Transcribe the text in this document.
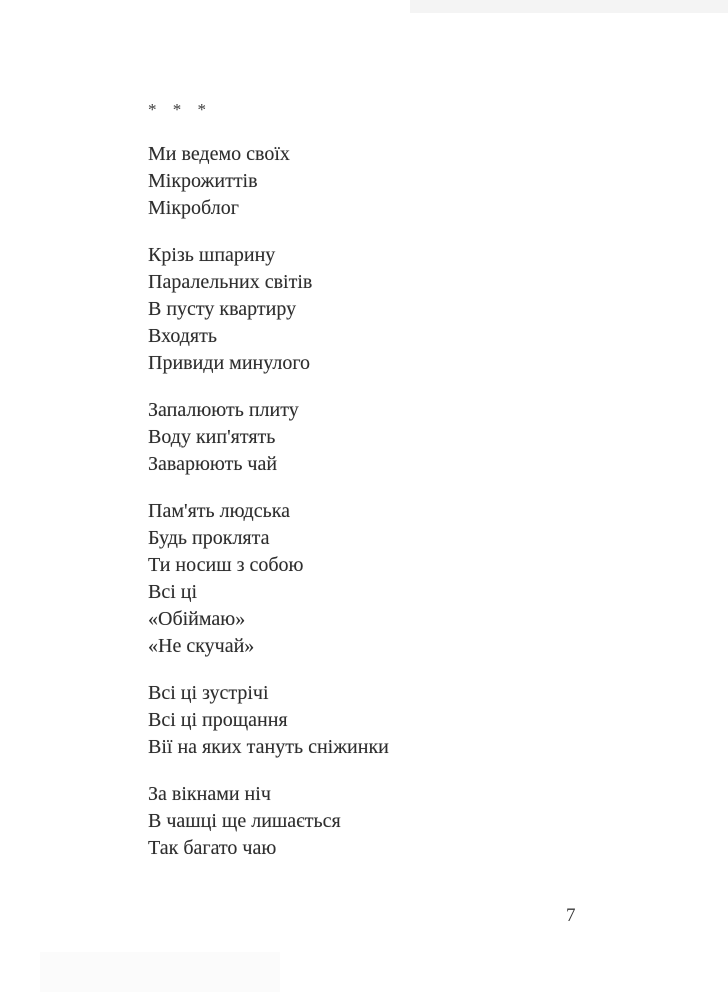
* * *
Ми ведемо своїх
Мікрожиттів
Мікроблог
Крізь шпарину
Паралельних світів
В пусту квартиру
Входять
Привиди минулого
Запалюють плиту
Воду кип'ятять
Заварюють чай
Пам'ять людська
Будь проклята
Ти носиш з собою
Всі ці
«Обіймаю»
«Не скучай»
Всі ці зустрічі
Всі ці прощання
Вії на яких тануть сніжинки
За вікнами ніч
В чашці ще лишається
Так багато чаю
7
